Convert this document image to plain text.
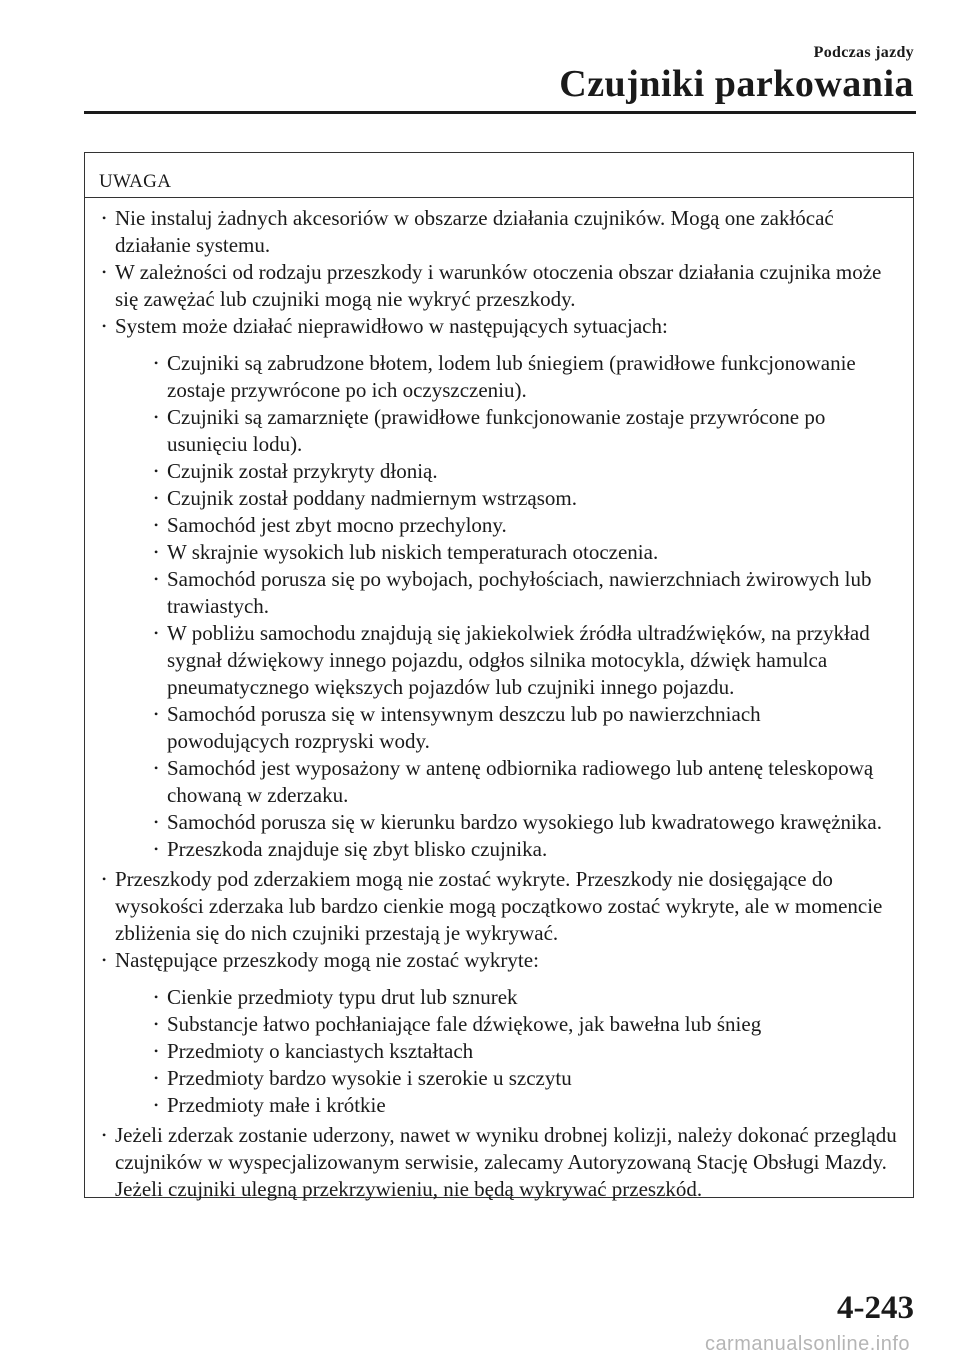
Podczas jazdy
Czujniki parkowania
UWAGA
• Nie instaluj żadnych akcesoriów w obszarze działania czujników. Mogą one zakłócać działanie systemu.
• W zależności od rodzaju przeszkody i warunków otoczenia obszar działania czujnika może się zawężać lub czujniki mogą nie wykryć przeszkody.
• System może działać nieprawidłowo w następujących sytuacjach:
• Czujniki są zabrudzone błotem, lodem lub śniegiem (prawidłowe funkcjonowanie zostaje przywrócone po ich oczyszczeniu).
• Czujniki są zamarznięte (prawidłowe funkcjonowanie zostaje przywrócone po usunięciu lodu).
• Czujnik został przykryty dłonią.
• Czujnik został poddany nadmiernym wstrząsom.
• Samochód jest zbyt mocno przechylony.
• W skrajnie wysokich lub niskich temperaturach otoczenia.
• Samochód porusza się po wybojach, pochyłościach, nawierzchniach żwirowych lub trawiastych.
• W pobliżu samochodu znajdują się jakiekolwiek źródła ultradźwięków, na przykład sygnał dźwiękowy innego pojazdu, odgłos silnika motocykla, dźwięk hamulca pneumatycznego większych pojazdów lub czujniki innego pojazdu.
• Samochód porusza się w intensywnym deszczu lub po nawierzchniach powodujących rozpryski wody.
• Samochód jest wyposażony w antenę odbiornika radiowego lub antenę teleskopową chowaną w zderzaku.
• Samochód porusza się w kierunku bardzo wysokiego lub kwadratowego krawężnika.
• Przeszkoda znajduje się zbyt blisko czujnika.
• Przeszkody pod zderzakiem mogą nie zostać wykryte. Przeszkody nie dosięgające do wysokości zderzaka lub bardzo cienkie mogą początkowo zostać wykryte, ale w momencie zbliżenia się do nich czujniki przestają je wykrywać.
• Następujące przeszkody mogą nie zostać wykryte:
• Cienkie przedmioty typu drut lub sznurek
• Substancje łatwo pochłaniające fale dźwiękowe, jak bawełna lub śnieg
• Przedmioty o kanciastych kształtach
• Przedmioty bardzo wysokie i szerokie u szczytu
• Przedmioty małe i krótkie
• Jeżeli zderzak zostanie uderzony, nawet w wyniku drobnej kolizji, należy dokonać przeglądu czujników w wyspecjalizowanym serwisie, zalecamy Autoryzowaną Stację Obsługi Mazdy. Jeżeli czujniki ulegną przekrzywieniu, nie będą wykrywać przeszkód.
4-243
carmanualsonline.info
